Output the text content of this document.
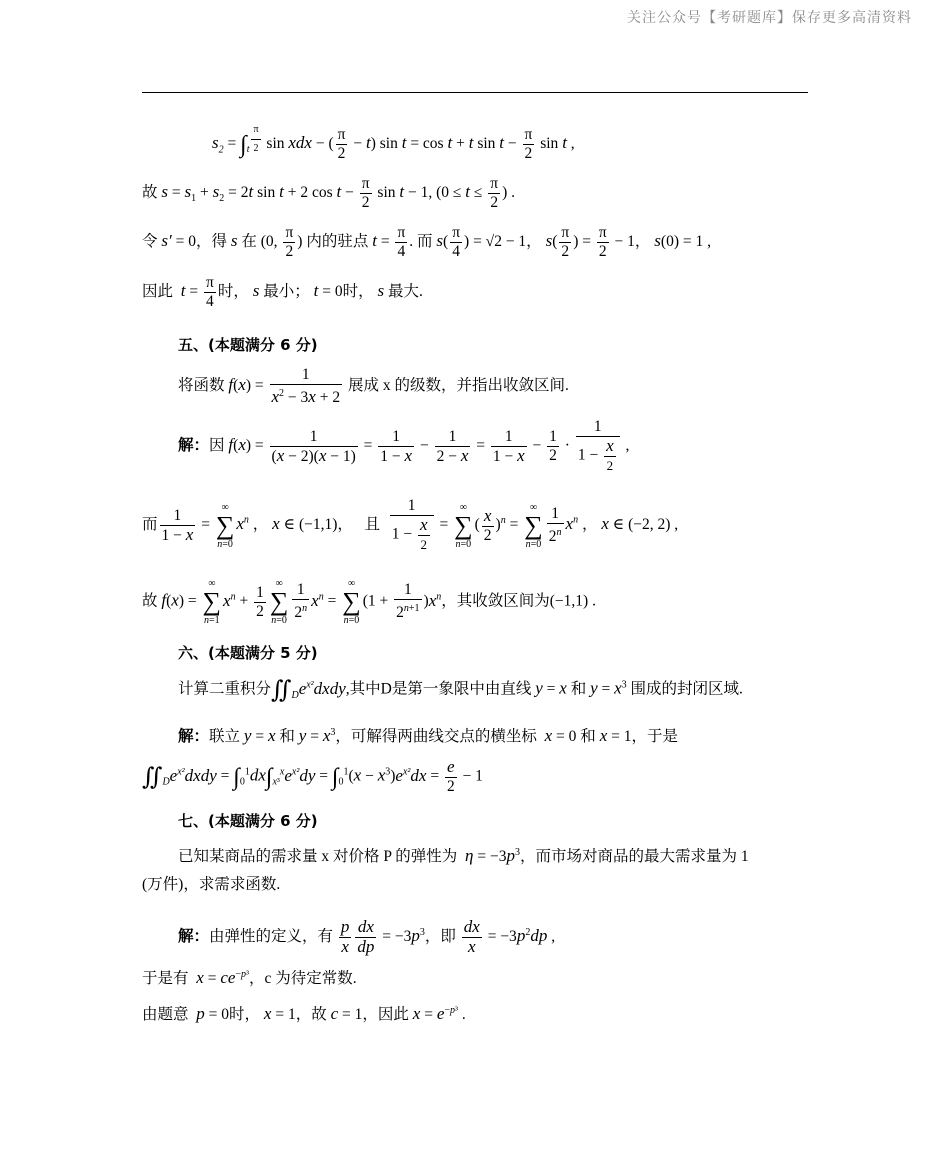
关注公众号【考研题库】保存更多高清资料
$s_2 = \int_t$ $^{\frac{\pi}{2}}$ sin xdx − ( $\frac{\pi}{2} - t$) sin t = cos t + t $\sin t - \frac{\pi}{2}$ sin t ,
故 $s = s_1 + s_2 = 2t$ sin t + 2 $\cos t - \frac{\pi}{2}$ sin t − 1, ($0 \le t \le \frac{\pi}{2}$ ) .
令 s′ = 0，得 s 在 (0, $\frac{\pi}{2}$ ) 内的驻点 $t = \frac{\pi}{4}$ . 而 $s( \frac{\pi}{4}$ ) = √2 − 1， $s( \frac{\pi}{2}$ ) = $\frac{\pi}{2} - 1$， s(0) = 1 ,
因此 $t = \frac{\pi}{4}$ 时， s 最小； t = 0时， s 最大.
五、(本题满分 6 分)
将函数 $f(x) = \frac{1}{x^2 - 3x + 2}$ 展成 x 的级数，并指出收敛区间.
解：因 $f(x) = \frac{1}{(x - 2)(x - 1)} = \frac{1}{1 - x} - \frac{1}{2 - x} = \frac{1}{1 - x} - \frac{1}{2} \cdot \frac{1}{1 - \frac{x}{2}}$ ,
而 $\frac{1}{1 - x}$ =
∞
∑
n=0
$x^n$ ， x ∈ (−1,1)，   且 $\frac{1}{1 - \frac{x}{2}}$ =
∞
∑
n=0
( $\frac{x}{2} )^n$ =
∞
∑
$n=0 \frac{1}{2^n} x^n$ ， x ∈ (−2, 2) ,
故 f(x) =
∞
∑
n=1
$x^n + \frac{1}{2}$ ∞
∑
$n=0 \frac{1}{2^n} x^n$ =
∞
∑
n=0
$(1 + \frac{1}{2^{n+1}} )x^n$，其收敛区间为(−1,1) .
六、(本题满分 5 分)
计算二重积分$∬_De^{x^2}dxdy$,其中D是第一象限中由直线 y = x 和 $y = x^3$ 围成的封闭区域.
解：联立 y = x 和 $y = x^3$，可解得两曲线交点的横坐标 x = 0 和 x = 1，于是
$∬_De^{x^2}dxdy = \int_0^1dx\int_{x^3}^xe^{x^2}dy = \int_0^1(x - x^3)e^{x^2}dx = \frac{e}{2} - 1$
七、(本题满分 6 分)
已知某商品的需求量 x 对价格 P 的弹性为 $\eta = -3p^3$，而市场对商品的最大需求量为 1
(万件)，求需求函数.
解：由弹性的定义，有 $\frac{p}{x} \frac{dx}{dp} = -3p^3$，即 $\frac{dx}{x} = -3p^2dp$ ,
于是有 $x = ce^{-p^3}$，c 为待定常数.
由题意 p = 0时， x = 1，故 c = 1，因此 $x = e^{-p^3}$ .
